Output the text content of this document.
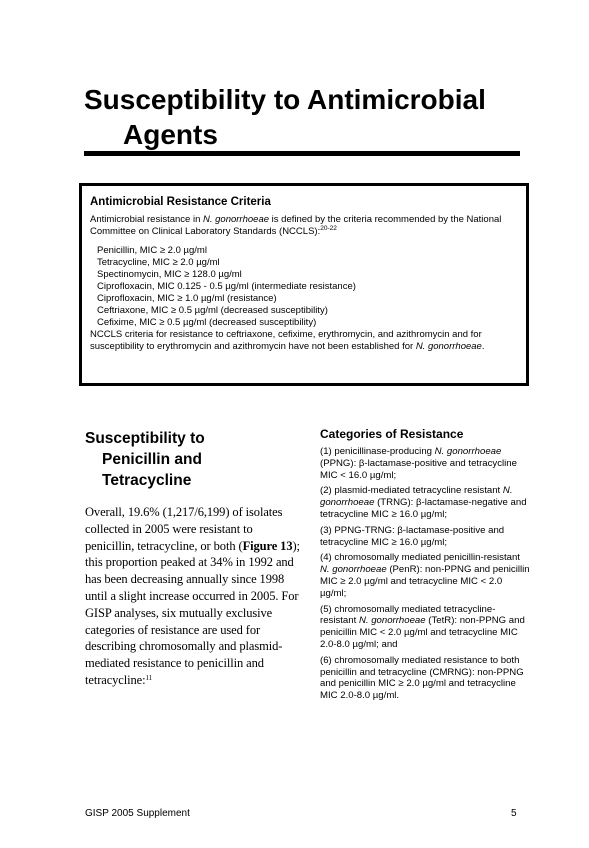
Susceptibility to Antimicrobial
Agents
Antimicrobial Resistance Criteria
Antimicrobial resistance in N. gonorrhoeae is defined by the criteria recommended by the National Committee on Clinical Laboratory Standards (NCCLS):$^{20-22}$
Penicillin, MIC ≥ 2.0 µg/ml
Tetracycline, MIC ≥ 2.0 µg/ml
Spectinomycin, MIC ≥ 128.0 µg/ml
Ciprofloxacin, MIC 0.125 - 0.5 µg/ml (intermediate resistance)
Ciprofloxacin, MIC ≥ 1.0 µg/ml (resistance)
Ceftriaxone, MIC ≥ 0.5 µg/ml (decreased susceptibility)
Cefixime, MIC ≥ 0.5 µg/ml (decreased susceptibility)
NCCLS criteria for resistance to ceftriaxone, cefixime, erythromycin, and azithromycin and for susceptibility to erythromycin and azithromycin have not been established for N. gonorrhoeae.
Susceptibility to
Penicillin and
Tetracycline
Overall, 19.6% (1,217/6,199) of isolates collected in 2005 were resistant to penicillin, tetracycline, or both (Figure 13); this proportion peaked at 34% in 1992 and has been decreasing annually since 1998 until a slight increase occurred in 2005. For GISP analyses, six mutually exclusive categories of resistance are used for describing chromosomally and plasmid-mediated resistance to penicillin and tetracycline:$^{11}$
Categories of Resistance
(1) penicillinase-producing N. gonorrhoeae (PPNG): β-lactamase-positive and tetracycline MIC < 16.0 µg/ml;
(2) plasmid-mediated tetracycline resistant N. gonorrhoeae (TRNG): β-lactamase-negative and tetracycline MIC ≥ 16.0 µg/ml;
(3) PPNG-TRNG: β-lactamase-positive and tetracycline MIC ≥ 16.0 µg/ml;
(4) chromosomally mediated penicillin-resistant N. gonorrhoeae (PenR): non-PPNG and penicillin MIC ≥ 2.0 µg/ml and tetracycline MIC < 2.0 µg/ml;
(5) chromosomally mediated tetracycline-resistant N. gonorrhoeae (TetR): non-PPNG and penicillin MIC < 2.0 µg/ml and tetracycline MIC 2.0-8.0 µg/ml; and
(6) chromosomally mediated resistance to both penicillin and tetracycline (CMRNG): non-PPNG and penicillin MIC ≥ 2.0 µg/ml and tetracycline MIC 2.0-8.0 µg/ml.
GISP 2005 Supplement	5
